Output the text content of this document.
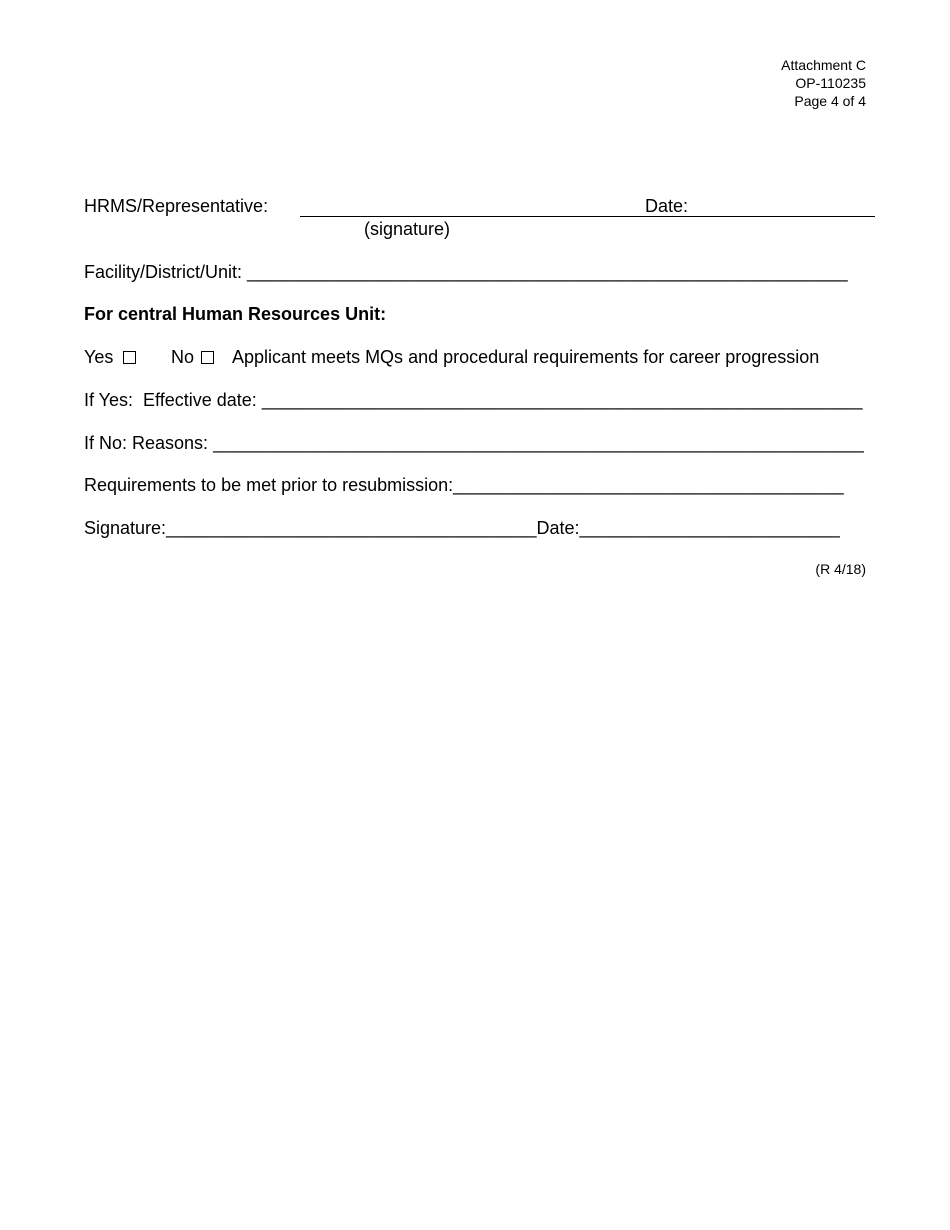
Attachment C
OP-110235
Page 4 of 4
HRMS/Representative:	Date:
(signature)
Facility/District/Unit: ____________________________________________________________
For central Human Resources Unit:
Yes	No Applicant meets MQs and procedural requirements for career progression
If Yes:  Effective date: ____________________________________________________________
If No: Reasons: _________________________________________________________________
Requirements to be met prior to resubmission:_______________________________________
Signature:_____________________________________Date:__________________________
(R 4/18)
